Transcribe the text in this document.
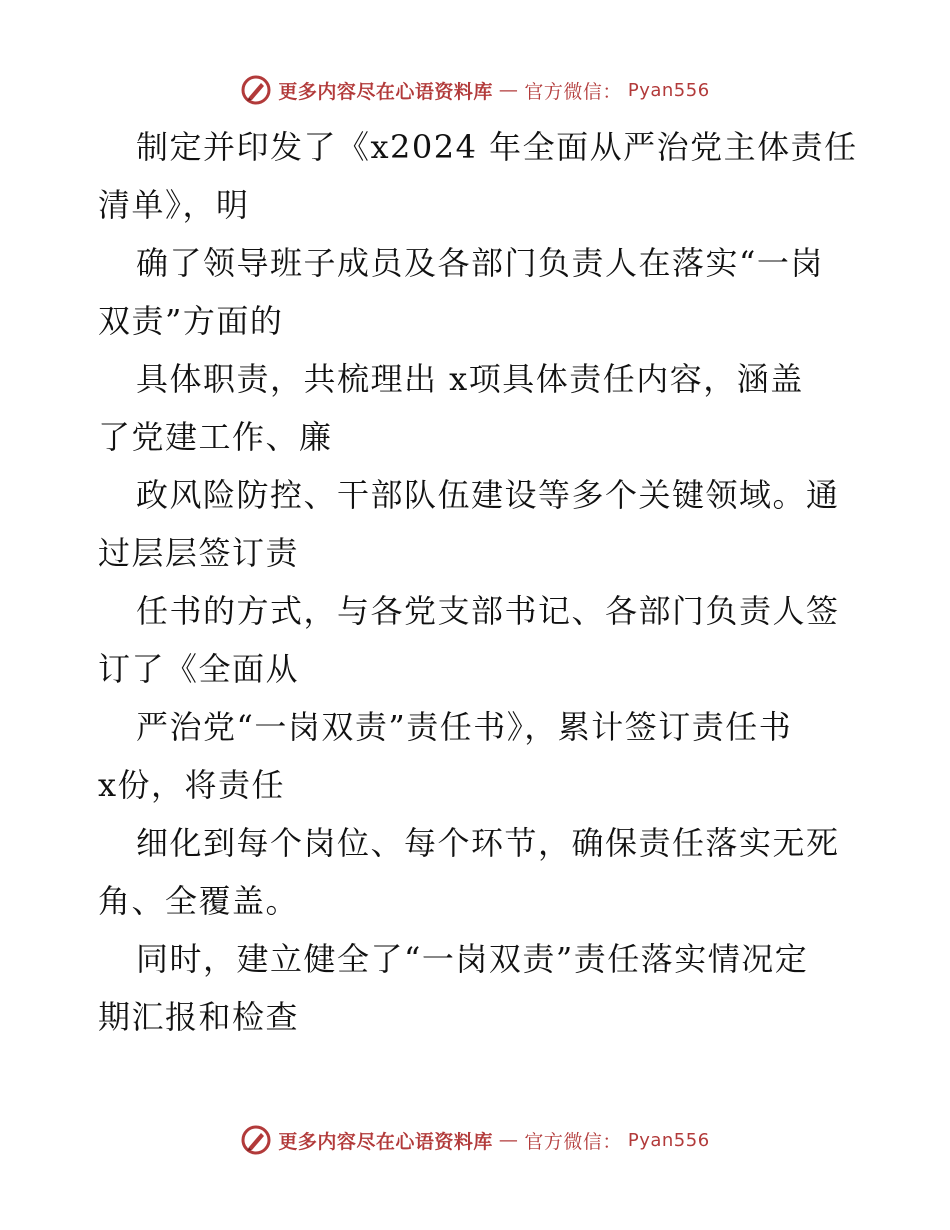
更多内容尽在心语资料库 — 官方微信： Pyan556

制定并印发了《x2024 年全面从严治党主体责任
清单》，明

确了领导班子成员及各部门负责人在落实“一岗
双责”方面的

具体职责，共梳理出 x项具体责任内容，涵盖
了党建工作、廉

政风险防控、干部队伍建设等多个关键领域。通
过层层签订责

任书的方式，与各党支部书记、各部门负责人签
订了《全面从

严治党“一岗双责”责任书》，累计签订责任书
x份，将责任

细化到每个岗位、每个环节，确保责任落实无死
角、全覆盖。

同时，建立健全了“一岗双责”责任落实情况定
期汇报和检查

更多内容尽在心语资料库 — 官方微信： Pyan556
